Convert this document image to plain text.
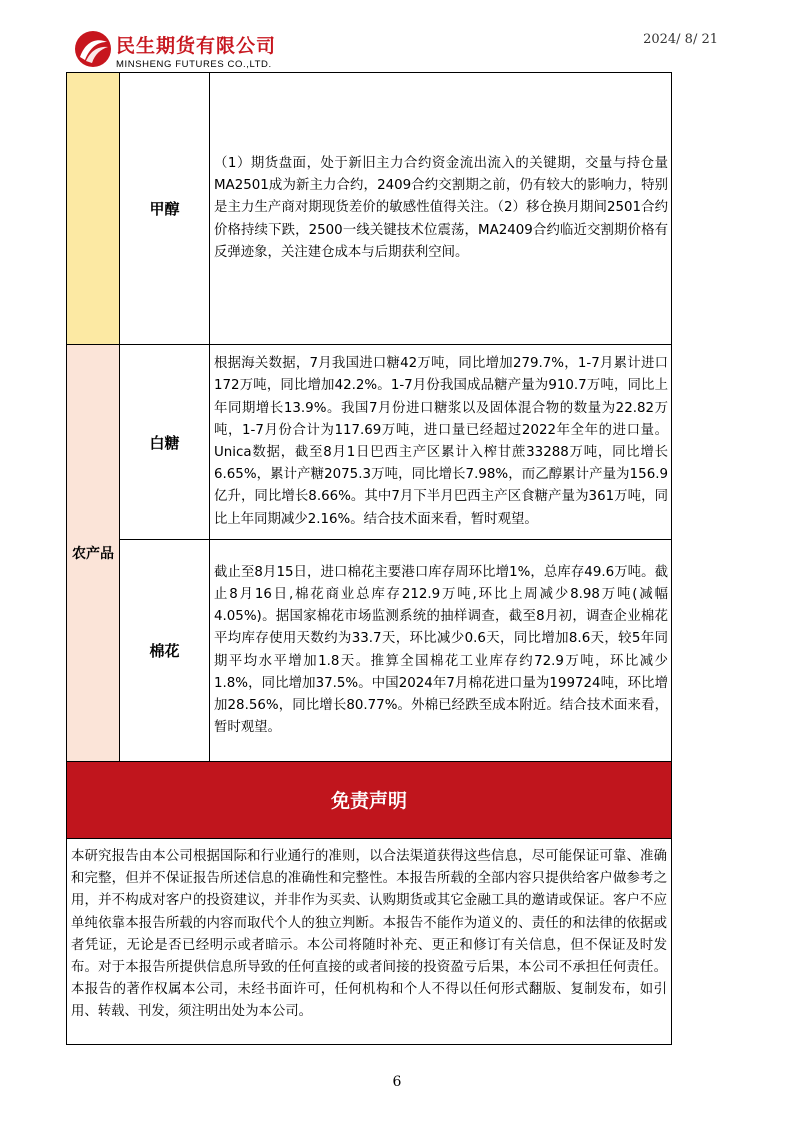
民生期货有限公司
MINSHENG FUTURES CO.,LTD.
2024/ 8/ 21
	甲醇	（1）期货盘面，处于新旧主力合约资金流出流入的关键期，交量与持仓量MA2501成为新主力合约，2409合约交割期之前，仍有较大的影响力，特别是主力生产商对期现货差价的敏感性值得关注。（2）移仓换月期间2501合约价格持续下跌，2500一线关键技术位震荡，MA2409合约临近交割期价格有反弹迹象，关注建仓成本与后期获利空间。
农产品	白糖	根据海关数据，7月我国进口糖42万吨，同比增加279.7%，1-7月累计进口172万吨，同比增加42.2%。1-7月份我国成品糖产量为910.7万吨，同比上年同期增长13.9%。我国7月份进口糖浆以及固体混合物的数量为22.82万吨，1-7月份合计为117.69万吨，进口量已经超过2022年全年的进口量。Unica数据，截至8月1日巴西主产区累计入榨甘蔗33288万吨，同比增长6.65%，累计产糖2075.3万吨，同比增长7.98%，而乙醇累计产量为156.9亿升，同比增长8.66%。其中7月下半月巴西主产区食糖产量为361万吨，同比上年同期减少2.16%。结合技术面来看，暂时观望。
	棉花	截止至8月15日，进口棉花主要港口库存周环比增1%，总库存49.6万吨。截止8月16日,棉花商业总库存212.9万吨,环比上周减少8.98万吨(减幅4.05%)。据国家棉花市场监测系统的抽样调查，截至8月初，调查企业棉花平均库存使用天数约为33.7天，环比减少0.6天，同比增加8.6天，较5年同期平均水平增加1.8天。推算全国棉花工业库存约72.9万吨，环比减少1.8%，同比增加37.5%。中国2024年7月棉花进口量为199724吨，环比增加28.56%，同比增长80.77%。外棉已经跌至成本附近。结合技术面来看，暂时观望。
免责声明
本研究报告由本公司根据国际和行业通行的准则，以合法渠道获得这些信息，尽可能保证可靠、准确和完整，但并不保证报告所述信息的准确性和完整性。本报告所载的全部内容只提供给客户做参考之用，并不构成对客户的投资建议，并非作为买卖、认购期货或其它金融工具的邀请或保证。客户不应单纯依靠本报告所载的内容而取代个人的独立判断。本报告不能作为道义的、责任的和法律的依据或者凭证，无论是否已经明示或者暗示。本公司将随时补充、更正和修订有关信息，但不保证及时发布。对于本报告所提供信息所导致的任何直接的或者间接的投资盈亏后果，本公司不承担任何责任。本报告的著作权属本公司，未经书面许可，任何机构和个人不得以任何形式翻版、复制发布，如引用、转载、刊发，须注明出处为本公司。
6
